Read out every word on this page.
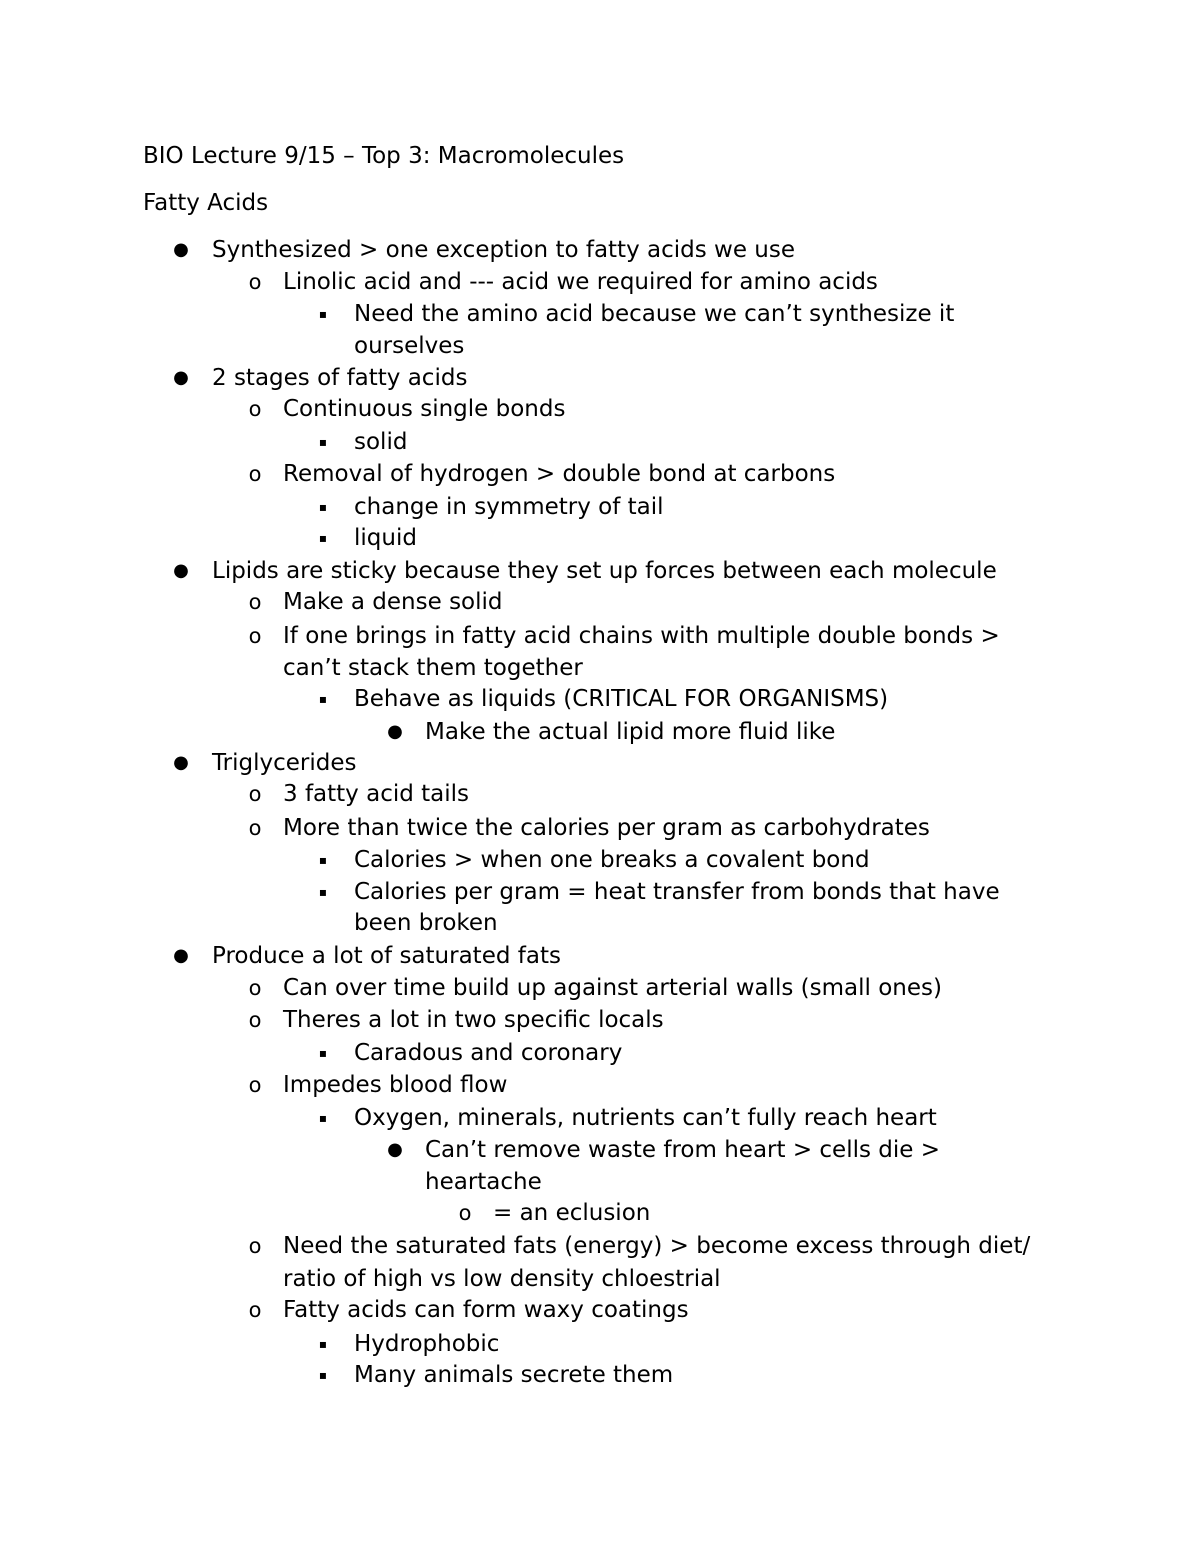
BIO Lecture 9/15 – Top 3: Macromolecules
Fatty Acids
● Synthesized > one exception to fatty acids we use
o Linolic acid and --- acid we required for amino acids
▪ Need the amino acid because we can’t synthesize it
ourselves
● 2 stages of fatty acids
o Continuous single bonds
▪ solid
o Removal of hydrogen > double bond at carbons
▪ change in symmetry of tail
▪ liquid
● Lipids are sticky because they set up forces between each molecule
o Make a dense solid
o If one brings in fatty acid chains with multiple double bonds >
can’t stack them together
▪ Behave as liquids (CRITICAL FOR ORGANISMS)
● Make the actual lipid more fluid like
● Triglycerides
o 3 fatty acid tails
o More than twice the calories per gram as carbohydrates
▪ Calories > when one breaks a covalent bond
▪ Calories per gram = heat transfer from bonds that have
been broken
● Produce a lot of saturated fats
o Can over time build up against arterial walls (small ones)
o Theres a lot in two specific locals
▪ Caradous and coronary
o Impedes blood flow
▪ Oxygen, minerals, nutrients can’t fully reach heart
● Can’t remove waste from heart > cells die >
heartache
o = an eclusion
o Need the saturated fats (energy) > become excess through diet/
ratio of high vs low density chloestrial
o Fatty acids can form waxy coatings
▪ Hydrophobic
▪ Many animals secrete them
